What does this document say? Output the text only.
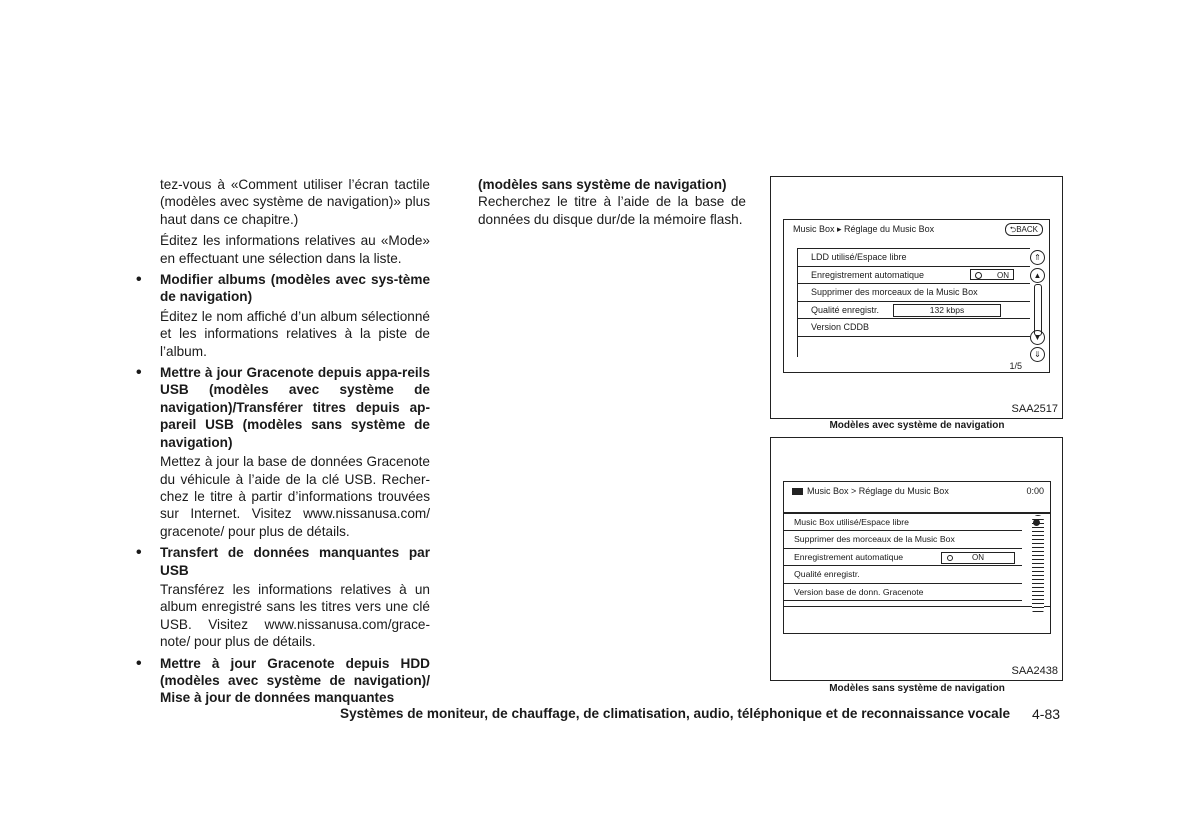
tez-vous à «Comment utiliser l’écran tactile (modèles avec système de navigation)» plus haut dans ce chapitre.)

Éditez les informations relatives au «Mode» en effectuant une sélection dans la liste.

•	Modifier albums (modèles avec sys-tème de navigation)

Éditez le nom affiché d’un album sélectionné et les informations relatives à la piste de l’album.

•	Mettre à jour Gracenote depuis appa-reils USB (modèles avec système de navigation)/Transférer titres depuis ap-pareil USB (modèles sans système de navigation)

Mettez à jour la base de données Gracenote du véhicule à l’aide de la clé USB. Recher-chez le titre à partir d’informations trouvées sur Internet. Visitez www.nissanusa.com/ gracenote/ pour plus de détails.

•	Transfert de données manquantes par USB

Transférez les informations relatives à un album enregistré sans les titres vers une clé USB. Visitez www.nissanusa.com/grace-note/ pour plus de détails.

•	Mettre à jour Gracenote depuis HDD (modèles avec système de navigation)/ Mise à jour de données manquantes

(modèles sans système de navigation)

Recherchez le titre à l’aide de la base de données du disque dur/de la mémoire flash.

Music Box ▸ Réglage du Music Box	⮌BACK
LDD utilisé/Espace libre
Enregistrement automatique	ON
Supprimer des morceaux de la Music Box
Qualité enregistr.	132 kbps
Version CDDB
⇑
▲
▼
⇓
1/5
SAA2517
Modèles avec système de navigation
Music Box > Réglage du Music Box	0:00
Music Box utilisé/Espace libre
Supprimer des morceaux de la Music Box
Enregistrement automatique	ON
Qualité enregistr.
Version base de donn. Gracenote
SAA2438
Modèles sans système de navigation
Systèmes de moniteur, de chauffage, de climatisation, audio, téléphonique et de reconnaissance vocale 4-83
